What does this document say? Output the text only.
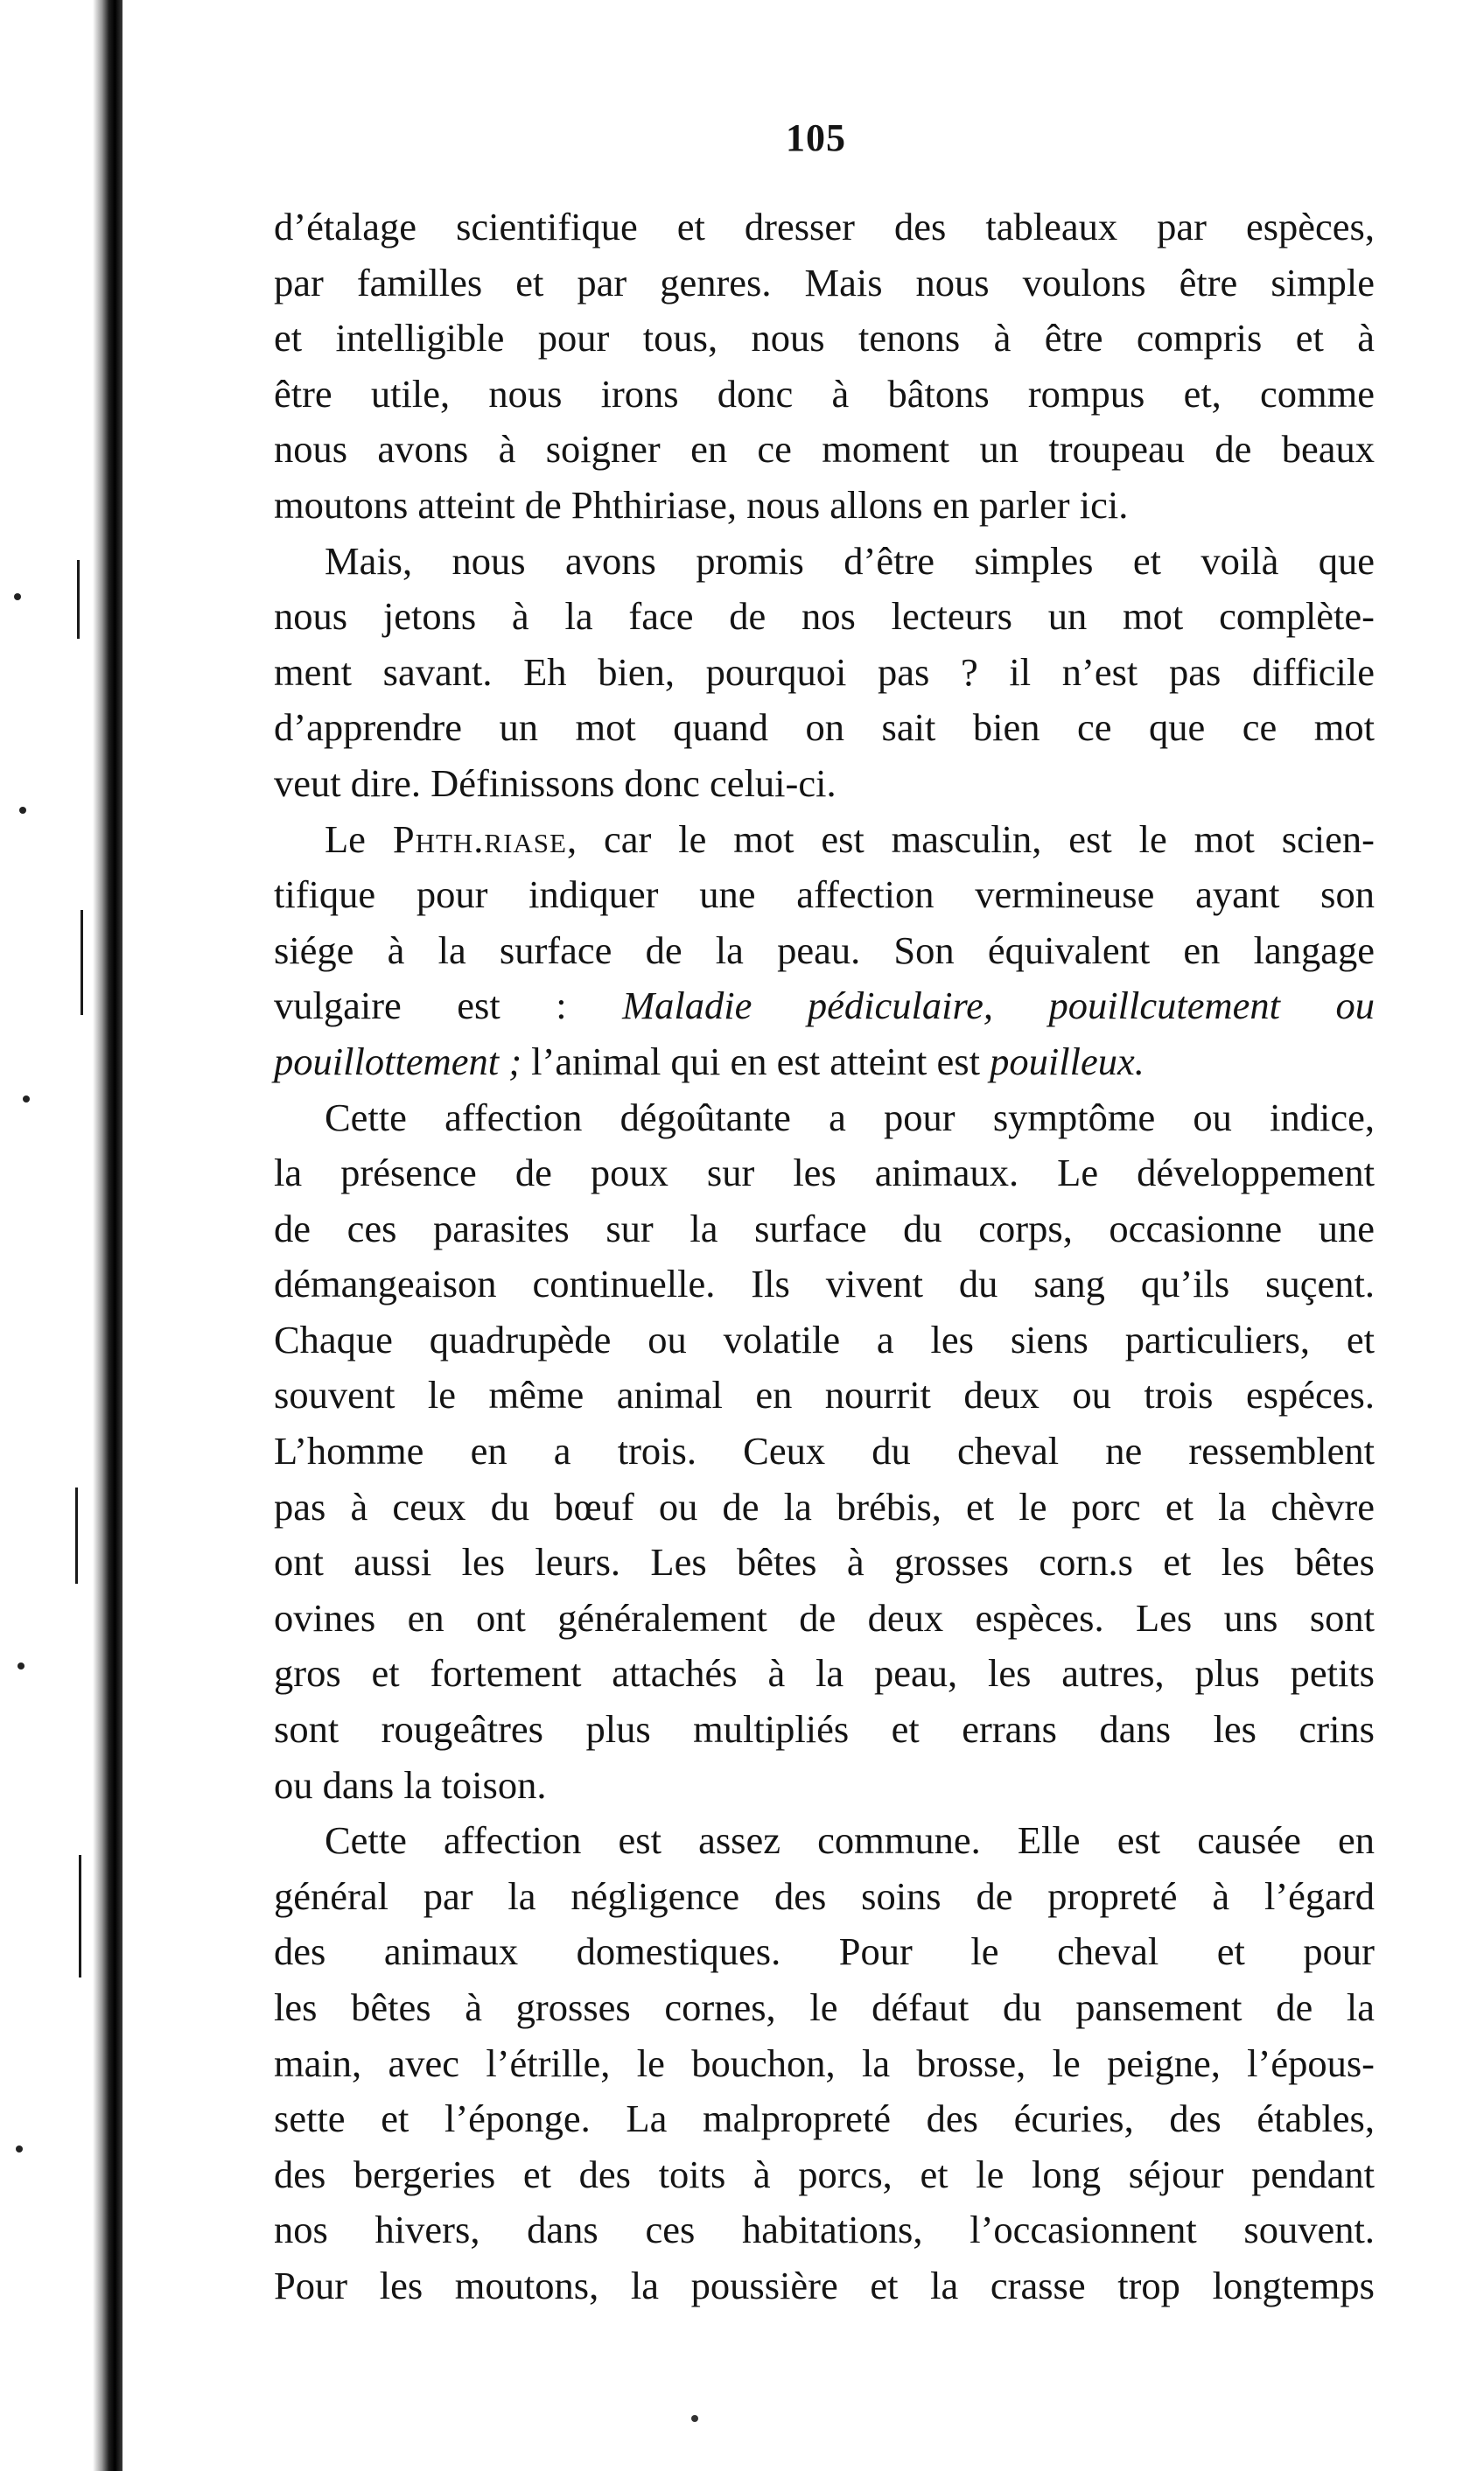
105

d’étalage scientifique et dresser des tableaux par espèces,

par familles et par genres. Mais nous voulons être simple

et intelligible pour tous, nous tenons à être compris et à

être utile, nous irons donc à bâtons rompus et, comme

nous avons à soigner en ce moment un troupeau de beaux

moutons atteint de Phthiriase, nous allons en parler ici.

Mais, nous avons promis d’être simples et voilà que

nous jetons à la face de nos lecteurs un mot complète-

ment savant. Eh bien, pourquoi pas ? il n’est pas difficile

d’apprendre un mot quand on sait bien ce que ce mot

veut dire. Définissons donc celui-ci.

Le Phth.riase, car le mot est masculin, est le mot scien-

tifique pour indiquer une affection vermineuse ayant son

siége à la surface de la peau. Son équivalent en langage

vulgaire est : Maladie pédiculaire, pouillcutement ou

pouillottement ; l’animal qui en est atteint est pouilleux.

Cette affection dégoûtante a pour symptôme ou indice,

la présence de poux sur les animaux. Le développement

de ces parasites sur la surface du corps, occasionne une

démangeaison continuelle. Ils vivent du sang qu’ils suçent.

Chaque quadrupède ou volatile a les siens particuliers, et

souvent le même animal en nourrit deux ou trois espéces.

L’homme en a trois. Ceux du cheval ne ressemblent

pas à ceux du bœuf ou de la brébis, et le porc et la chèvre

ont aussi les leurs. Les bêtes à grosses corn.s et les bêtes

ovines en ont généralement de deux espèces. Les uns sont

gros et fortement attachés à la peau, les autres, plus petits

sont rougeâtres plus multipliés et errans dans les crins

ou dans la toison.

Cette affection est assez commune. Elle est causée en

général par la négligence des soins de propreté à l’égard

des animaux domestiques. Pour le cheval et pour

les bêtes à grosses cornes, le défaut du pansement de la

main, avec l’étrille, le bouchon, la brosse, le peigne, l’épous-

sette et l’éponge. La malpropreté des écuries, des étables,

des bergeries et des toits à porcs, et le long séjour pendant

nos hivers, dans ces habitations, l’occasionnent souvent.

Pour les moutons, la poussière et la crasse trop longtemps
